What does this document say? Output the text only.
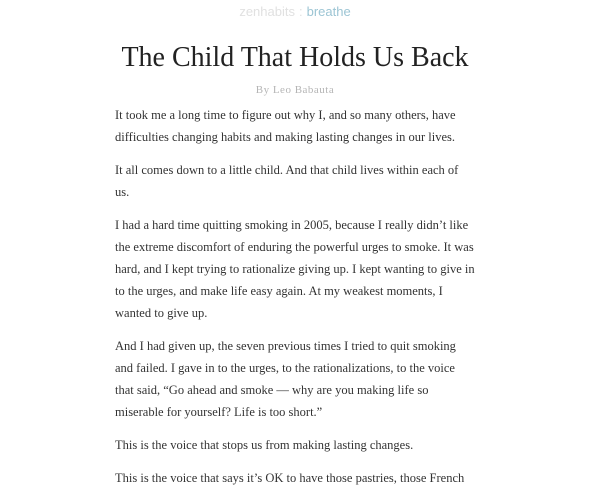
zenhabits : breathe
The Child That Holds Us Back
By Leo Babauta

It took me a long time to figure out why I, and so many others, have difficulties changing habits and making lasting changes in our lives.

It all comes down to a little child. And that child lives within each of us.

I had a hard time quitting smoking in 2005, because I really didn’t like the extreme discomfort of enduring the powerful urges to smoke. It was hard, and I kept trying to rationalize giving up. I kept wanting to give in to the urges, and make life easy again. At my weakest moments, I wanted to give up.

And I had given up, the seven previous times I tried to quit smoking and failed. I gave in to the urges, to the rationalizations, to the voice that said, “Go ahead and smoke — why are you making life so miserable for yourself? Life is too short.”

This is the voice that stops us from making lasting changes.

This is the voice that says it’s OK to have those pastries, those French
